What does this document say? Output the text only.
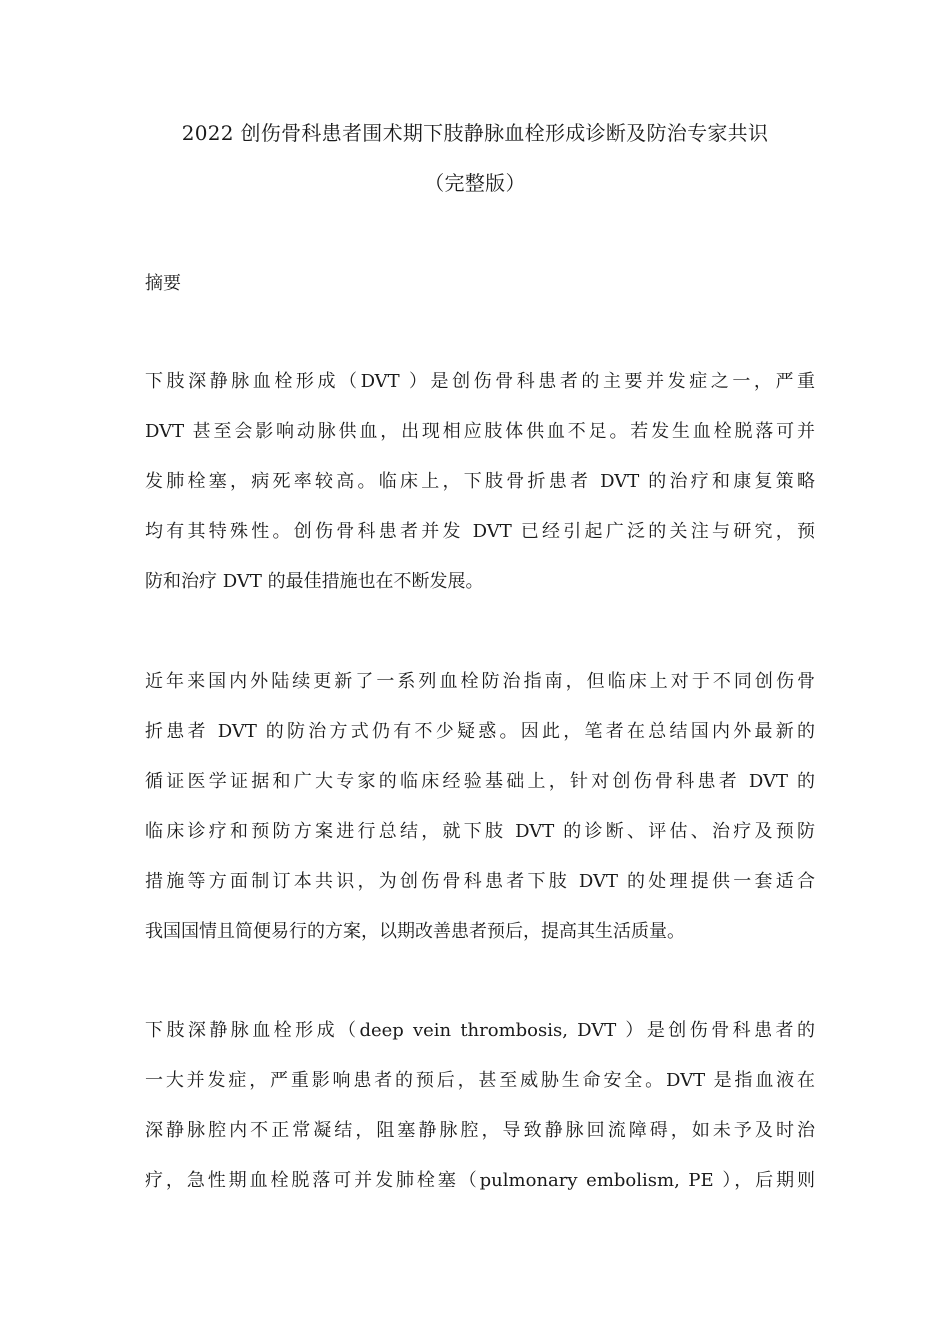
2022 创伤骨科患者围术期下肢静脉血栓形成诊断及防治专家共识
（完整版）
摘要
下肢深静脉血栓形成（DVT ）是创伤骨科患者的主要并发症之一，严重
DVT 甚至会影响动脉供血，出现相应肢体供血不足。若发生血栓脱落可并
发肺栓塞，病死率较高。临床上，下肢骨折患者 DVT 的治疗和康复策略
均有其特殊性。创伤骨科患者并发 DVT 已经引起广泛的关注与研究，预
防和治疗 DVT 的最佳措施也在不断发展。
近年来国内外陆续更新了一系列血栓防治指南，但临床上对于不同创伤骨
折患者 DVT 的防治方式仍有不少疑惑。因此，笔者在总结国内外最新的
循证医学证据和广大专家的临床经验基础上，针对创伤骨科患者 DVT 的
临床诊疗和预防方案进行总结，就下肢 DVT 的诊断、评估、治疗及预防
措施等方面制订本共识，为创伤骨科患者下肢 DVT 的处理提供一套适合
我国国情且简便易行的方案，以期改善患者预后，提高其生活质量。
下肢深静脉血栓形成（deep vein thrombosis, DVT ）是创伤骨科患者的
一大并发症，严重影响患者的预后，甚至威胁生命安全。DVT 是指血液在
深静脉腔内不正常凝结，阻塞静脉腔，导致静脉回流障碍，如未予及时治
疗，急性期血栓脱落可并发肺栓塞（pulmonary embolism, PE ），后期则
